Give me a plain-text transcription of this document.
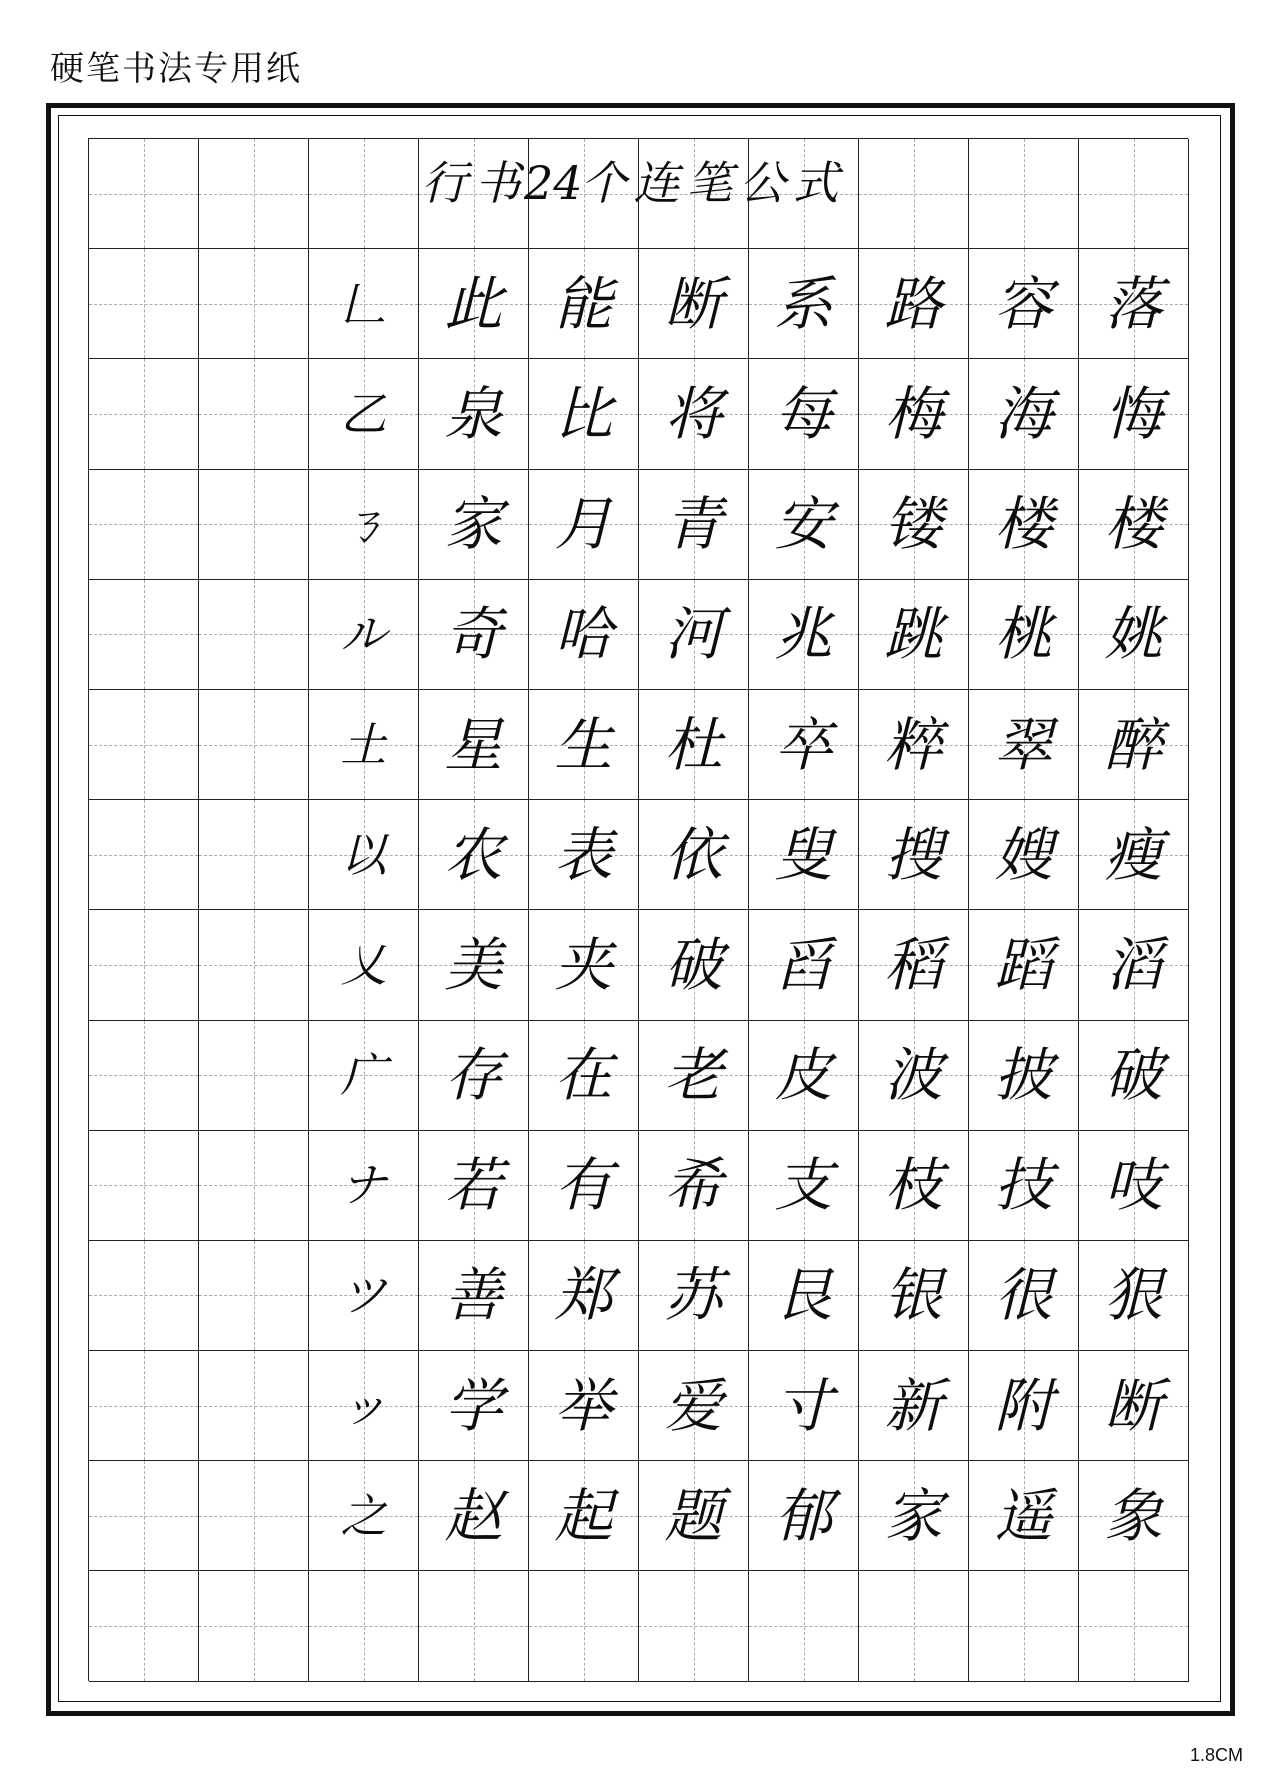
硬笔书法专用纸
𠃊 此 能 断 系 路 容 落
乙 泉 比 将 每 梅 海 悔
ㄋ 家 月 青 安 镂 楼 楼
ル 奇 哈 河 兆 跳 桃 姚
土 星 生 杜 卒 粹 翠 醉
以 农 表 依 叟 搜 嫂 瘦
乂 美 夹 破 舀 稻 蹈 滔
广 存 在 老 皮 波 披 破
ナ 若 有 希 支 枝 技 吱
ツ 善 郑 苏 艮 银 很 狠
ッ 学 举 爱 寸 新 附 断
之 赵 起 题 郁 家 遥 象
行 书 24
个 连 笔 公 式
1.8CM
